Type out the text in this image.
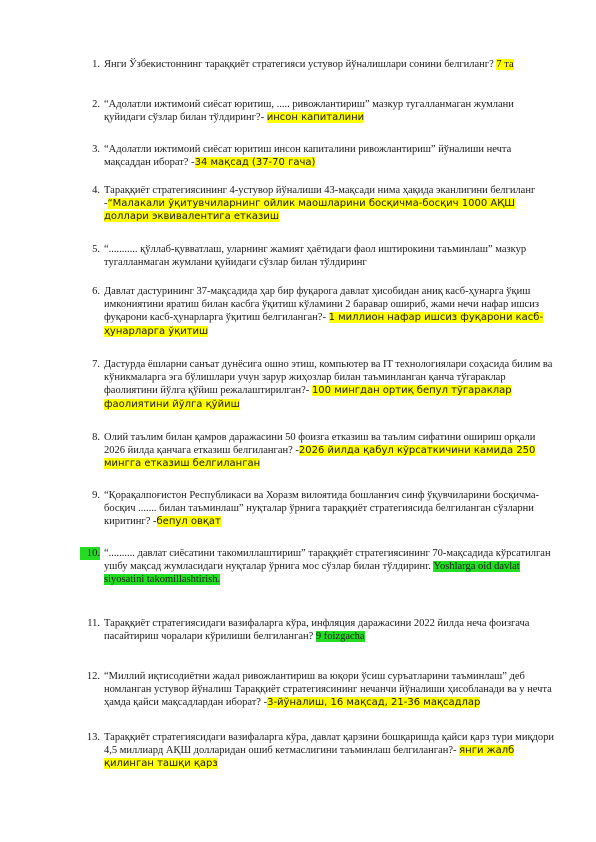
1. Янги Ўзбекистоннинг тараққиёт стратегияси устувор йўналишлари сонини белгиланг? 7 та
2. “Адолатли ижтимоий сиёсат юритиш, ..... ривожлантириш” мазкур тугалланмаган жумлани қуйидаги сўзлар билан тўлдиринг?- инсон капиталини
3. “Адолатли ижтимоий сиёсат юритиш инсон капиталини ривожлантириш” йўналиши нечта мақсаддан иборат? -34 мақсад (37-70 гача)
4. Тараққиёт стратегиясининг 4-устувор йўналиши 43-мақсади нима ҳақида эканлигини белгиланг -“Малакали ўқитувчиларнинг ойлик маошларини босқичма-босқич 1000 АҚШ доллари эквивалентига етказиш
5. “........... қўллаб-қувватлаш, уларнинг жамият ҳаётидаги фаол иштирокини таъминлаш” мазкур тугалланмаган жумлани қуйидаги сўзлар билан тўлдиринг
6. Давлат дастурининг 37-мақсадида ҳар бир фуқарога давлат ҳисобидан аниқ касб-ҳунарга ўқиш имкониятини яратиш билан касбга ўқитиш кўламини 2 баравар ошириб, жами нечи нафар ишсиз фуқарони касб-ҳунарларга ўқитиш белгиланган?- 1 миллион нафар ишсиз фуқарони касб-ҳунарларга ўқитиш
7. Дастурда ёшларни санъат дунёсига ошно этиш, компьютер ва IT технологиялари соҳасида билим ва кўникмаларга эга бўлишлари учун зарур жиҳозлар билан таъминланган қанча тўгараклар фаолиятини йўлга қўйиш режалаштирилган?- 100 мингдан ортиқ бепул тўгараклар фаолиятини йўлга қўйиш
8. Олий таълим билан қамров даражасини 50 фоизга етказиш ва таълим сифатини ошириш орқали 2026 йилда қанчага етказиш белгиланган? -2026 йилда қабул кўрсаткичини камида 250 мингга етказиш белгиланган
9. “Қорақалпоғистон Республикаси ва Хоразм вилоятида бошланғич синф ўқувчиларини босқичма-босқич ....... билан таъминлаш” нуқталар ўрнига тараққиёт стратегиясида белгиланган сўзларни киритинг? -бепул овқат
10. “.......... давлат сиёсатини такомиллаштириш” тараққиёт стратегиясининг 70-мақсадида кўрсатилган ушбу мақсад жумласидаги нуқталар ўрнига мос сўзлар билан тўлдиринг. Yoshlarga oid davlat siyosatini takomillashtirish.
11. Тараққиёт стратегиясидаги вазифаларга кўра, инфляция даражасини 2022 йилда неча фоизгача пасайтириш чоралари кўрилиши белгиланган? 9 foizgacha
12. “Миллий иқтисодиётни жадал ривожлантириш ва юқори ўсиш суръатларини таъминлаш” деб номланган устувор йўналиш Тараққиёт стратегиясининг нечанчи йўналиши ҳисобланади ва у нечта ҳамда қайси мақсадлардан иборат? -3-йўналиш, 16 мақсад, 21-36 мақсадлар
13. Тараққиёт стратегиясидаги вазифаларга кўра, давлат қарзини бошқаришда қайси қарз тури миқдори 4,5 миллиард АҚШ долларидан ошиб кетмаслигини таъминлаш белгиланган?- янги жалб қилинган ташқи қарз
